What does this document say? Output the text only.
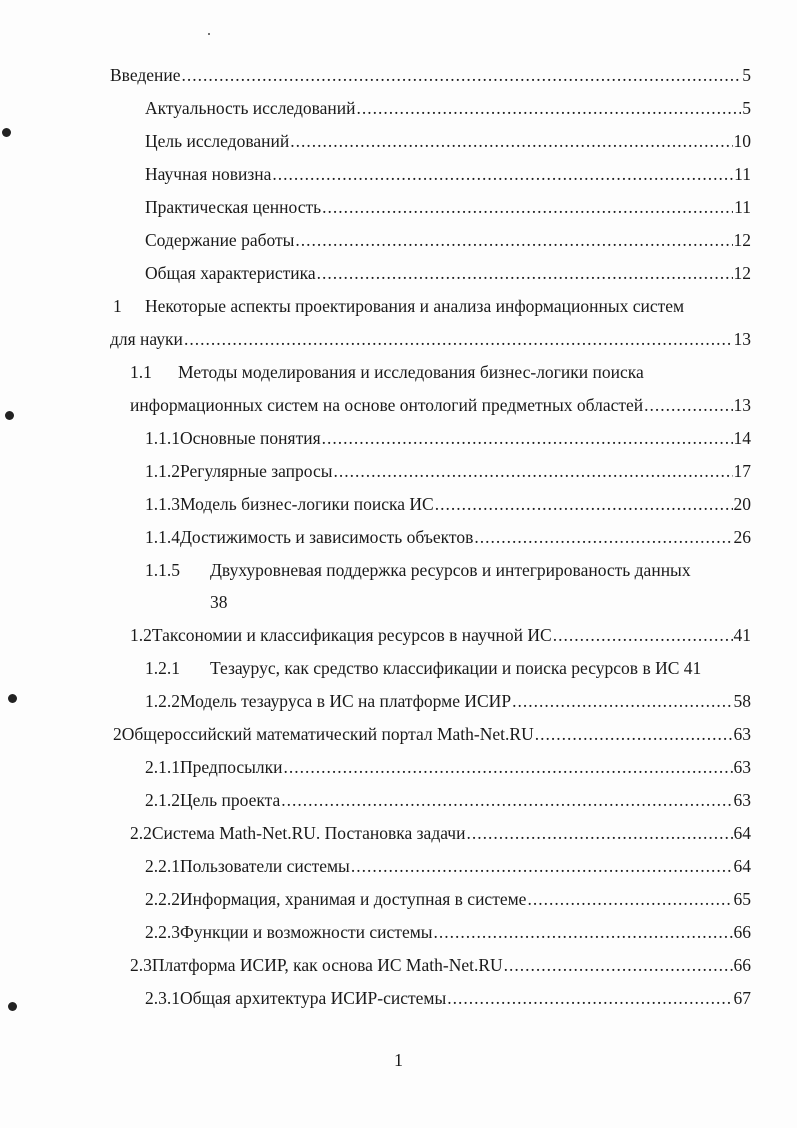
Введение .....	5
Актуальность исследований .....	5
Цель исследований .....	10
Научная новизна .....	11
Практическая ценность .....	11
Содержание работы .....	12
Общая характеристика .....	12
1 Некоторые аспекты проектирования и анализа информационных систем
для науки .....	13
1.1 Методы моделирования и исследования бизнес-логики поиска
информационных систем на основе онтологий предметных областей .....	13
1.1.1 Основные понятия .....	14
1.1.2 Регулярные запросы .....	17
1.1.3 Модель бизнес-логики поиска ИС .....	20
1.1.4 Достижимость и зависимость объектов .....	26
1.1.5 Двухуровневая поддержка ресурсов и интегрированость данных
38
1.2 Таксономии и классификация ресурсов в научной ИС .....	41
1.2.1 Тезаурус, как средство классификации и поиска ресурсов в ИС 41
1.2.2 Модель тезауруса в ИС на платформе ИСИР .....	58
2 Общероссийский математический портал Math-Net.RU .....	63
2.1.1 Предпосылки .....	63
2.1.2 Цель проекта .....	63
2.2 Система Math-Net.RU. Постановка задачи .....	64
2.2.1 Пользователи системы .....	64
2.2.2 Информация, хранимая и доступная в системе .....	65
2.2.3 Функции и возможности системы .....	66
2.3 Платформа ИСИР, как основа ИС Math-Net.RU .....	66
2.3.1 Общая архитектура ИСИР-системы .....	67
1
